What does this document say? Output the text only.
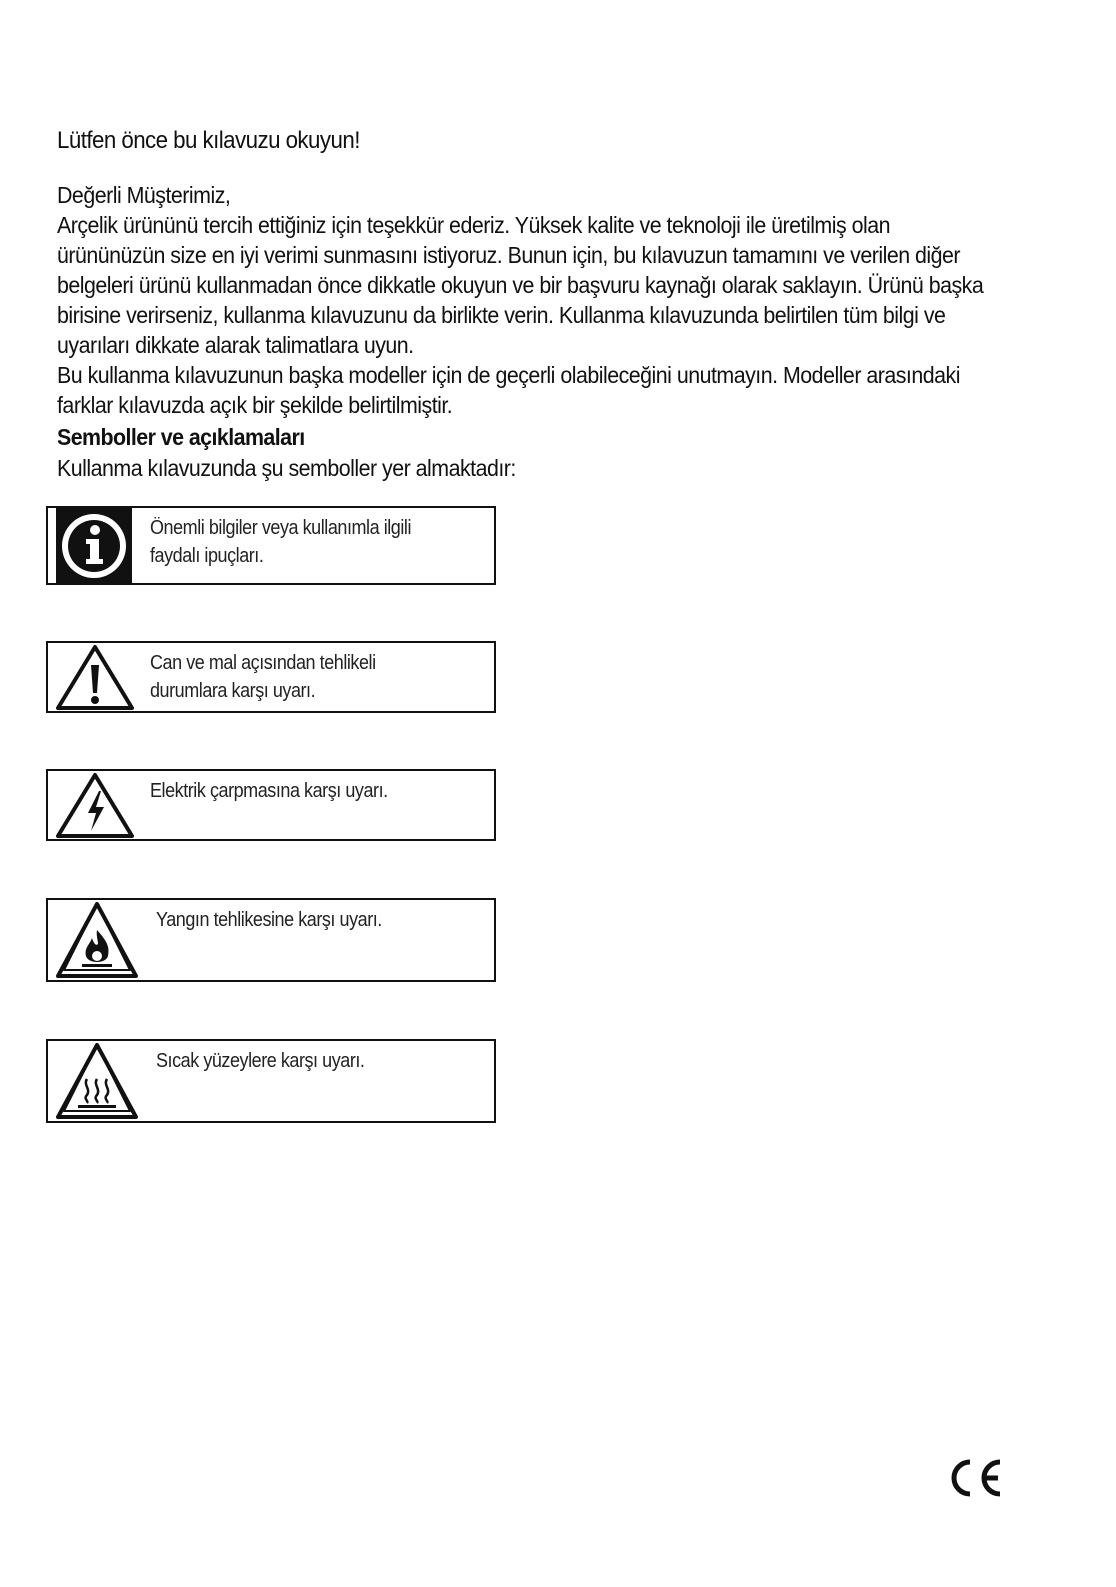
Lütfen önce bu kılavuzu okuyun!

Değerli Müşterimiz,

Arçelik ürününü tercih ettiğiniz için teşekkür ederiz. Yüksek kalite ve teknoloji ile üretilmiş olan

ürününüzün size en iyi verimi sunmasını istiyoruz. Bunun için, bu kılavuzun tamamını ve verilen diğer

belgeleri ürünü kullanmadan önce dikkatle okuyun ve bir başvuru kaynağı olarak saklayın. Ürünü başka

birisine verirseniz, kullanma kılavuzunu da birlikte verin. Kullanma kılavuzunda belirtilen tüm bilgi ve

uyarıları dikkate alarak talimatlara uyun.

Bu kullanma kılavuzunun başka modeller için de geçerli olabileceğini unutmayın. Modeller arasındaki

farklar kılavuzda açık bir şekilde belirtilmiştir.

Semboller ve açıklamaları
Kullanma kılavuzunda şu semboller yer almaktadır:
Önemli bilgiler veya kullanımla ilgili
faydalı ipuçları.
Can ve mal açısından tehlikeli
durumlara karşı uyarı.
Elektrik çarpmasına karşı uyarı.
Yangın tehlikesine karşı uyarı.
Sıcak yüzeylere karşı uyarı.
